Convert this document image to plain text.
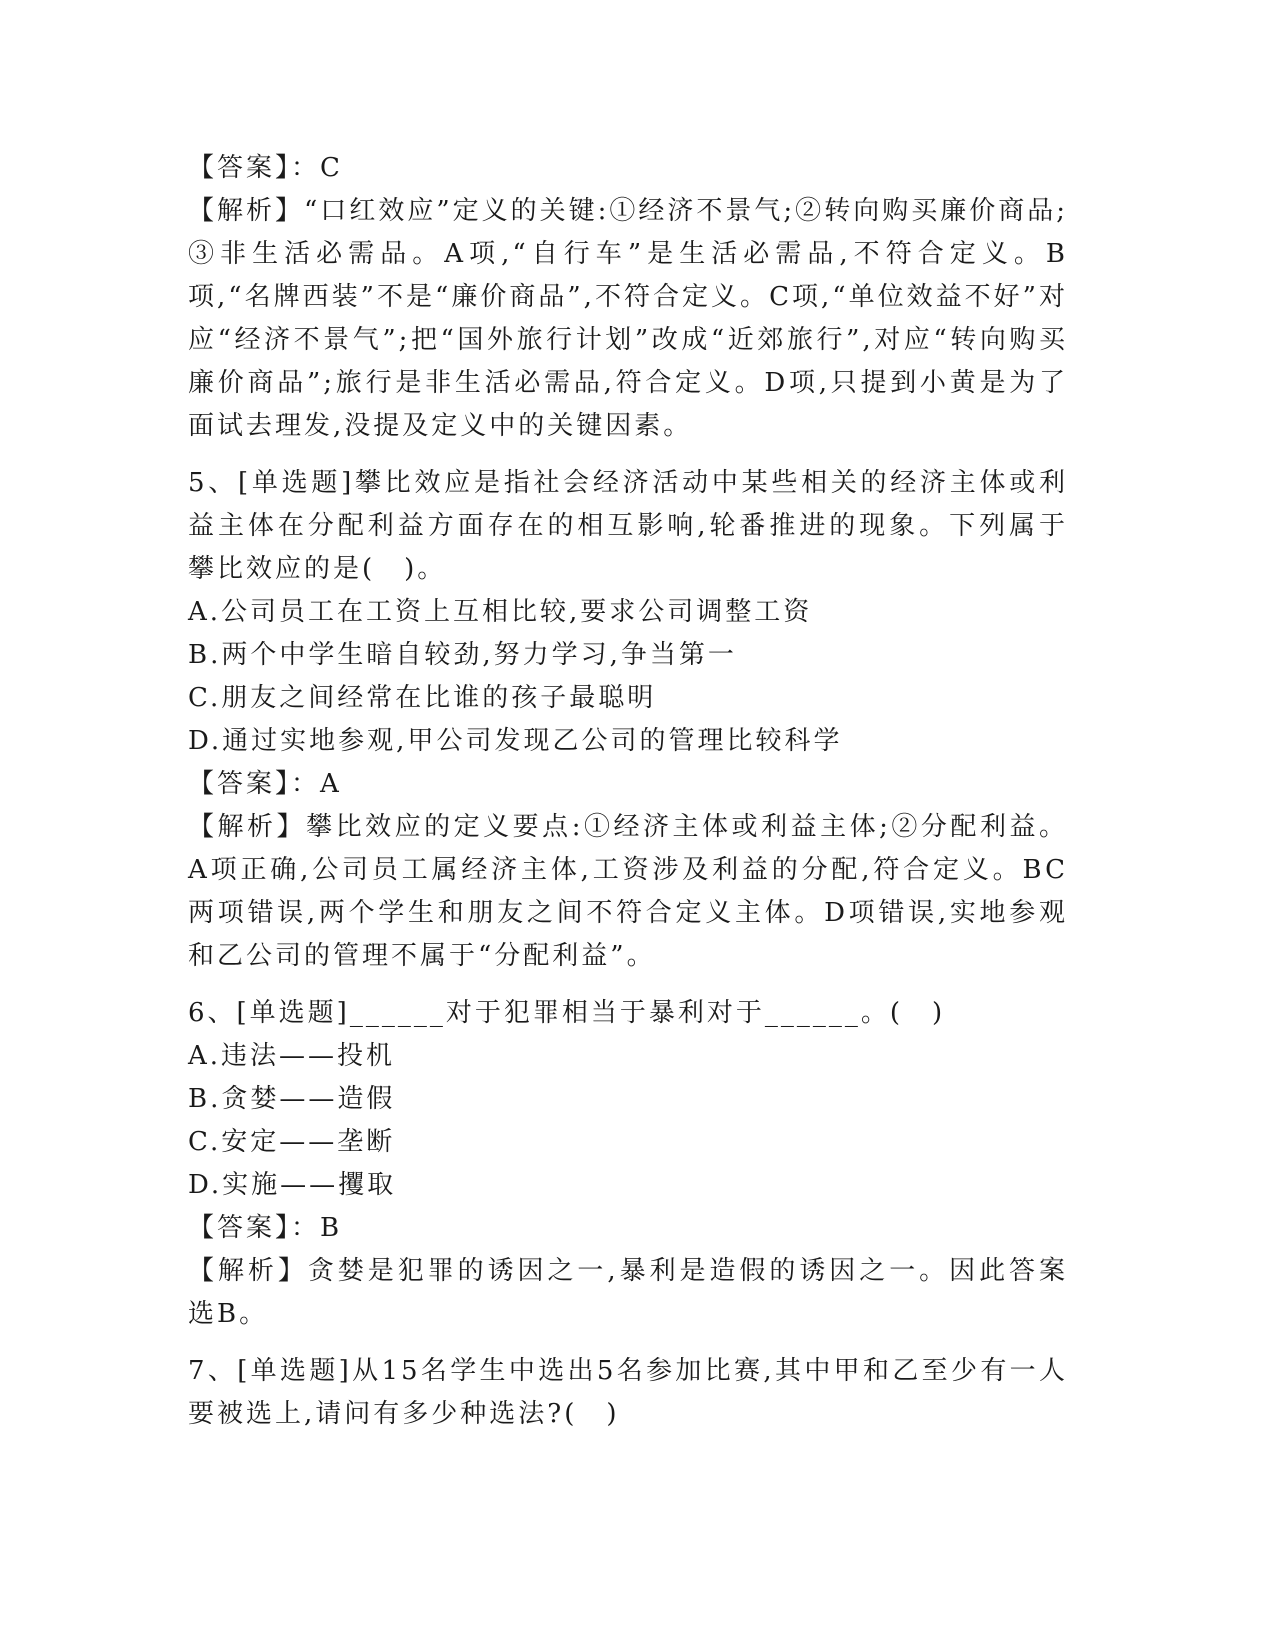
【答案】：C

【解析】“口红效应”定义的关键:①经济不景气;②转向购买廉价商品;③非生活必需品。A项,“自行车”是生活必需品,不符合定义。B项,“名牌西装”不是“廉价商品”,不符合定义。C项,“单位效益不好”对应“经济不景气”;把“国外旅行计划”改成“近郊旅行”,对应“转向购买廉价商品”;旅行是非生活必需品,符合定义。D项,只提到小黄是为了面试去理发,没提及定义中的关键因素。

5、[单选题]攀比效应是指社会经济活动中某些相关的经济主体或利益主体在分配利益方面存在的相互影响,轮番推进的现象。下列属于攀比效应的是(　)。

A.公司员工在工资上互相比较,要求公司调整工资

B.两个中学生暗自较劲,努力学习,争当第一

C.朋友之间经常在比谁的孩子最聪明

D.通过实地参观,甲公司发现乙公司的管理比较科学

【答案】：A

【解析】攀比效应的定义要点:①经济主体或利益主体;②分配利益。A项正确,公司员工属经济主体,工资涉及利益的分配,符合定义。BC两项错误,两个学生和朋友之间不符合定义主体。D项错误,实地参观和乙公司的管理不属于“分配利益”。

6、[单选题]______对于犯罪相当于暴利对于______。(　)

A.违法——投机

B.贪婪——造假

C.安定——垄断

D.实施——攫取

【答案】：B

【解析】贪婪是犯罪的诱因之一,暴利是造假的诱因之一。因此答案选B。

7、[单选题]从15名学生中选出5名参加比赛,其中甲和乙至少有一人要被选上,请问有多少种选法?(　)
